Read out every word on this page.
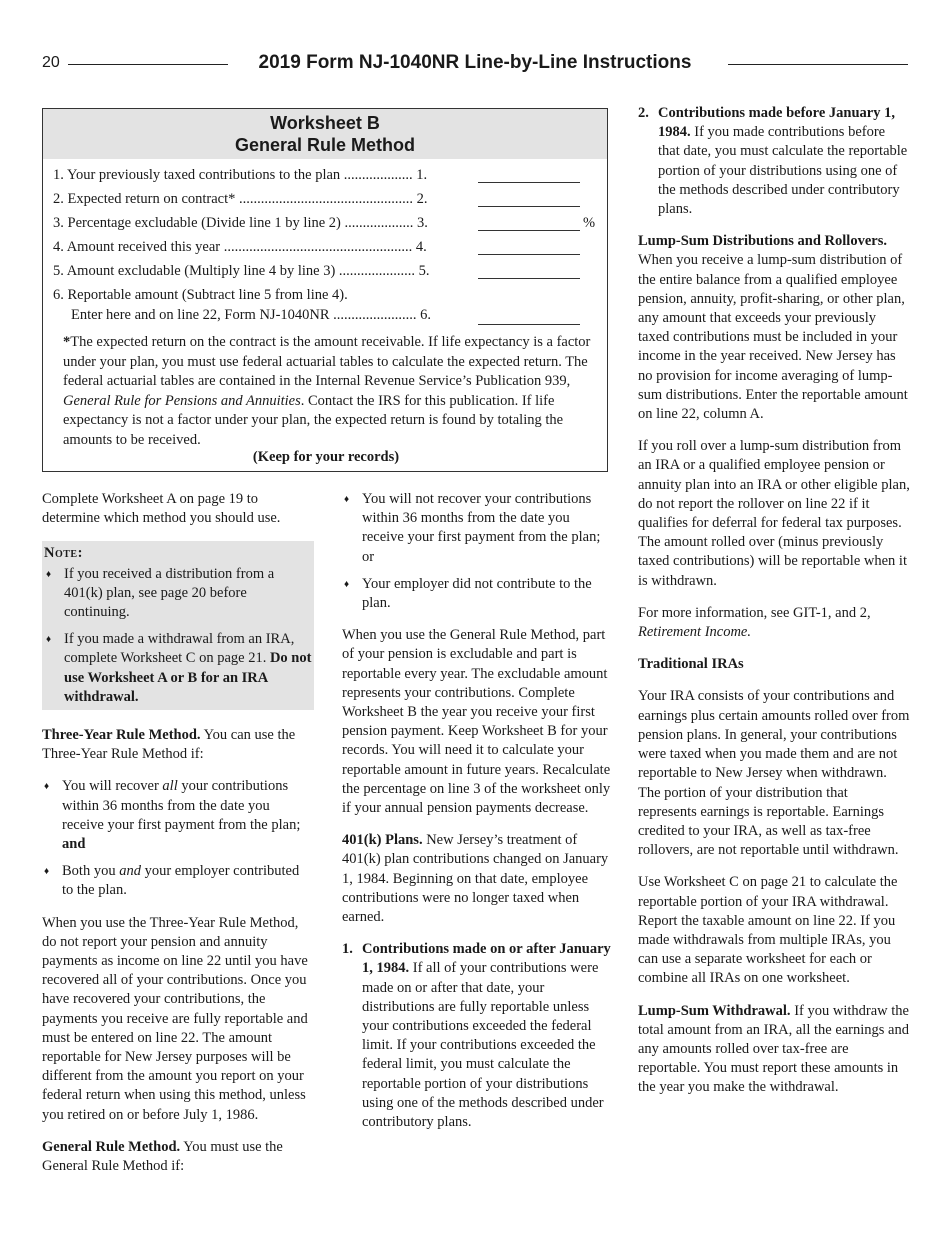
20	2019 Form NJ-1040NR Line-by-Line Instructions
Worksheet B
General Rule Method
1. Your previously taxed contributions to the plan ................... 1.
2. Expected return on contract* ................................................ 2.
3. Percentage excludable (Divide line 1 by line 2) ................... 3.	%
4. Amount received this year .................................................... 4.
5. Amount excludable (Multiply line 4 by line 3) ..................... 5.
6. Reportable amount (Subtract line 5 from line 4).
Enter here and on line 22, Form NJ-1040NR ....................... 6.
*The expected return on the contract is the amount receivable. If life expectancy is a factor under your plan, you must use federal actuarial tables to calculate the expected return. The federal actuarial tables are contained in the Internal Revenue Service’s Publication 939, General Rule for Pensions and Annuities. Contact the IRS for this publication. If life expectancy is not a factor under your plan, the expected return is found by totaling the amounts to be received.
(Keep for your records)

Complete Worksheet A on page 19 to determine which method you should use.

Note:
♦ If you received a distribution from a 401(k) plan, see page 20 before continuing.
♦ If you made a withdrawal from an IRA, complete Worksheet C on page 21. Do not use Worksheet A or B for an IRA withdrawal.

Three-Year Rule Method. You can use the Three-Year Rule Method if:

♦ You will recover all your contributions within 36 months from the date you receive your first payment from the plan; and
♦ Both you and your employer contributed to the plan.

When you use the Three-Year Rule Method, do not report your pension and annuity payments as income on line 22 until you have recovered all of your contributions. Once you have recovered your contributions, the payments you receive are fully reportable and must be entered on line 22. The amount reportable for New Jersey purposes will be different from the amount you report on your federal return when using this method, unless you retired on or before July 1, 1986.

General Rule Method. You must use the General Rule Method if:

♦ You will not recover your contributions within 36 months from the date you receive your first payment from the plan; or
♦ Your employer did not contribute to the plan.

When you use the General Rule Method, part of your pension is excludable and part is reportable every year. The excludable amount represents your contributions. Complete Worksheet B the year you receive your first pension payment. Keep Worksheet B for your records. You will need it to calculate your reportable amount in future years. Recalculate the percentage on line 3 of the worksheet only if your annual pension payments decrease.

401(k) Plans. New Jersey’s treatment of 401(k) plan contributions changed on January 1, 1984. Beginning on that date, employee contributions were no longer taxed when earned.

1. Contributions made on or after January 1, 1984. If all of your contributions were made on or after that date, your distributions are fully reportable unless your contributions exceeded the federal limit. If your contributions exceeded the federal limit, you must calculate the reportable portion of your distributions using one of the methods described under contributory plans.
2. Contributions made before January 1, 1984. If you made contributions before that date, you must calculate the reportable portion of your distributions using one of the methods described under contributory plans.

Lump-Sum Distributions and Rollovers. When you receive a lump-sum distribution of the entire balance from a qualified employee pension, annuity, profit-sharing, or other plan, any amount that exceeds your previously taxed contributions must be included in your income in the year received. New Jersey has no provision for income averaging of lump-sum distributions. Enter the reportable amount on line 22, column A.

If you roll over a lump-sum distribution from an IRA or a qualified employee pension or annuity plan into an IRA or other eligible plan, do not report the rollover on line 22 if it qualifies for deferral for federal tax purposes. The amount rolled over (minus previously taxed contributions) will be reportable when it is withdrawn.

For more information, see GIT-1, and 2, Retirement Income.

Traditional IRAs

Your IRA consists of your contributions and earnings plus certain amounts rolled over from pension plans. In general, your contributions were taxed when you made them and are not reportable to New Jersey when withdrawn. The portion of your distribution that represents earnings is reportable. Earnings credited to your IRA, as well as tax-free rollovers, are not reportable until withdrawn.

Use Worksheet C on page 21 to calculate the reportable portion of your IRA withdrawal. Report the taxable amount on line 22. If you made withdrawals from multiple IRAs, you can use a separate worksheet for each or combine all IRAs on one worksheet.

Lump-Sum Withdrawal. If you withdraw the total amount from an IRA, all the earnings and any amounts rolled over tax-free are reportable. You must report these amounts in the year you make the withdrawal.
